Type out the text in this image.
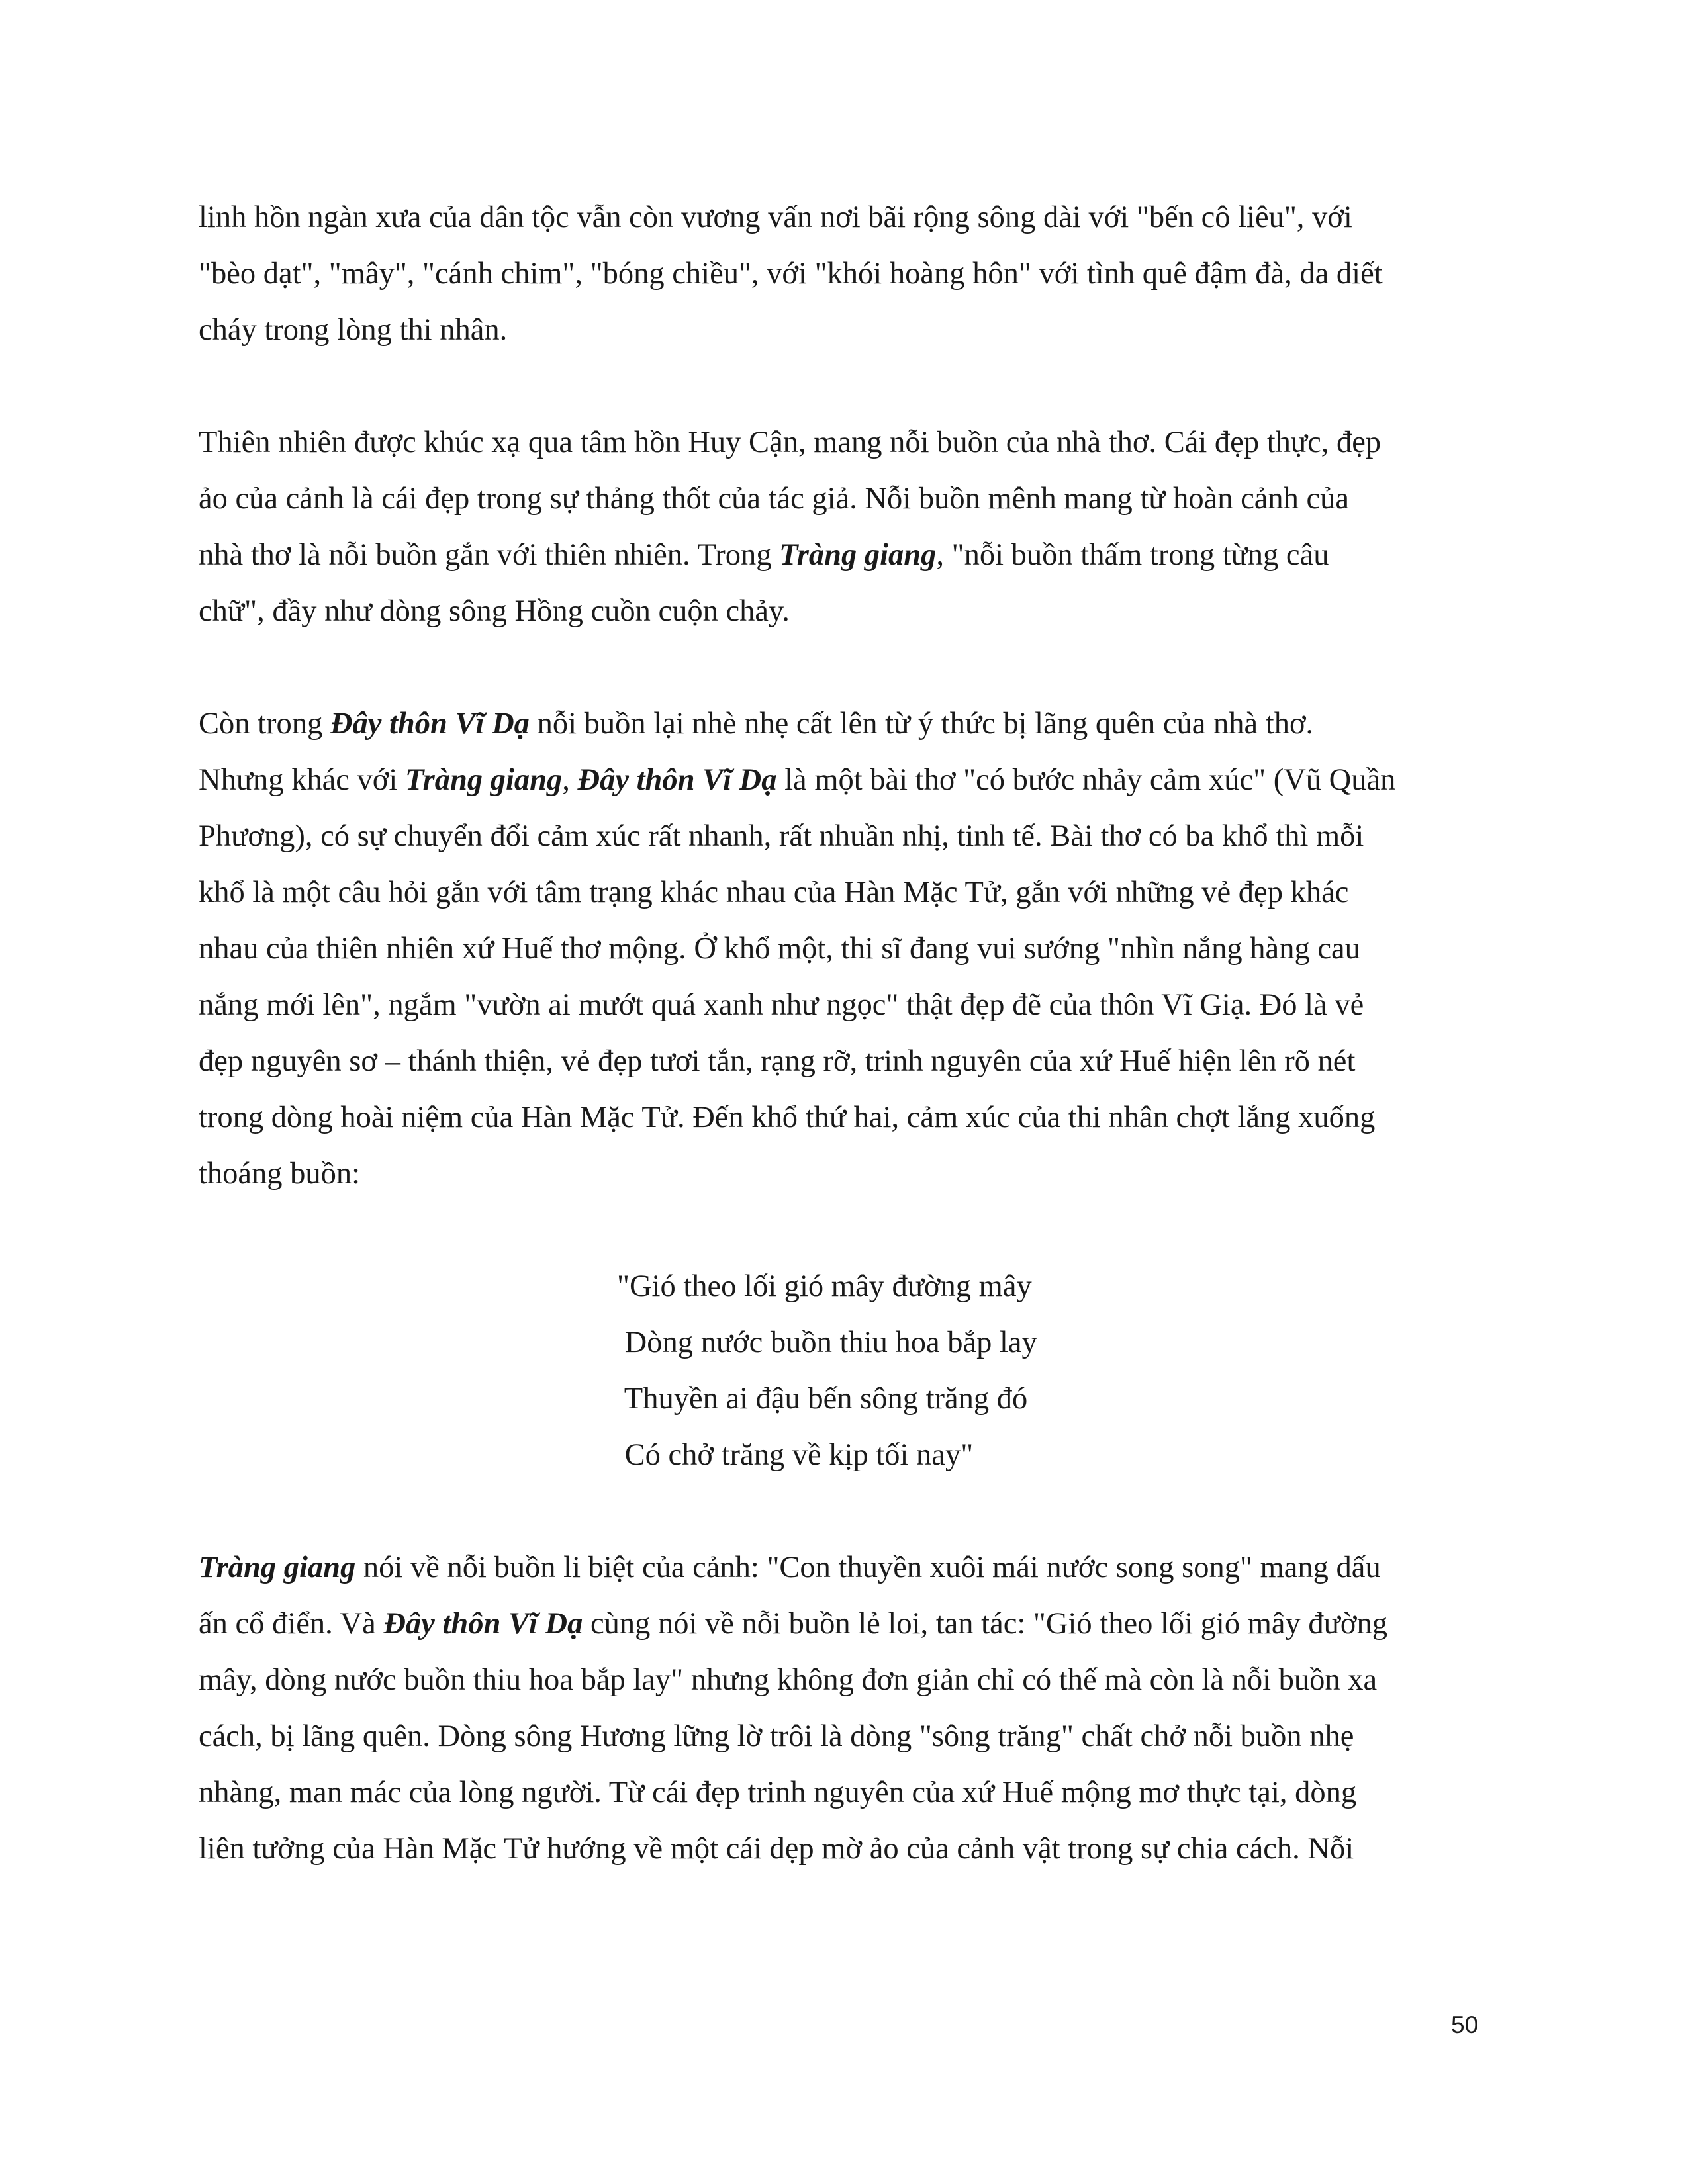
linh hồn ngàn xưa của dân tộc vẫn còn vương vấn nơi bãi rộng sông dài với "bến cô liêu", với
"bèo dạt", "mây", "cánh chim", "bóng chiều", với "khói hoàng hôn" với tình quê đậm đà, da diết
cháy trong lòng thi nhân.
Thiên nhiên được khúc xạ qua tâm hồn Huy Cận, mang nỗi buồn của nhà thơ. Cái đẹp thực, đẹp
ảo của cảnh là cái đẹp trong sự thảng thốt của tác giả. Nỗi buồn mênh mang từ hoàn cảnh của
nhà thơ là nỗi buồn gắn với thiên nhiên. Trong Tràng giang, "nỗi buồn thấm trong từng câu
chữ", đầy như dòng sông Hồng cuồn cuộn chảy.
Còn trong Đây thôn Vĩ Dạ nỗi buồn lại nhè nhẹ cất lên từ ý thức bị lãng quên của nhà thơ.
Nhưng khác với Tràng giang, Đây thôn Vĩ Dạ là một bài thơ "có bước nhảy cảm xúc" (Vũ Quần
Phương), có sự chuyển đổi cảm xúc rất nhanh, rất nhuần nhị, tinh tế. Bài thơ có ba khổ thì mỗi
khổ là một câu hỏi gắn với tâm trạng khác nhau của Hàn Mặc Tử, gắn với những vẻ đẹp khác
nhau của thiên nhiên xứ Huế thơ mộng. Ở khổ một, thi sĩ đang vui sướng "nhìn nắng hàng cau
nắng mới lên", ngắm "vườn ai mướt quá xanh như ngọc" thật đẹp đẽ của thôn Vĩ Giạ. Đó là vẻ
đẹp nguyên sơ – thánh thiện, vẻ đẹp tươi tắn, rạng rỡ, trinh nguyên của xứ Huế hiện lên rõ nét
trong dòng hoài niệm của Hàn Mặc Tử. Đến khổ thứ hai, cảm xúc của thi nhân chợt lắng xuống
thoáng buồn:
"Gió theo lối gió mây đường mây
Dòng nước buồn thiu hoa bắp lay
Thuyền ai đậu bến sông trăng đó
Có chở trăng về kịp tối nay"
Tràng giang nói về nỗi buồn li biệt của cảnh: "Con thuyền xuôi mái nước song song" mang dấu
ấn cổ điển. Và Đây thôn Vĩ Dạ cùng nói về nỗi buồn lẻ loi, tan tác: "Gió theo lối gió mây đường
mây, dòng nước buồn thiu hoa bắp lay" nhưng không đơn giản chỉ có thế mà còn là nỗi buồn xa
cách, bị lãng quên. Dòng sông Hương lững lờ trôi là dòng "sông trăng" chất chở nỗi buồn nhẹ
nhàng, man mác của lòng người. Từ cái đẹp trinh nguyên của xứ Huế mộng mơ thực tại, dòng
liên tưởng của Hàn Mặc Tử hướng về một cái dẹp mờ ảo của cảnh vật trong sự chia cách. Nỗi
50
